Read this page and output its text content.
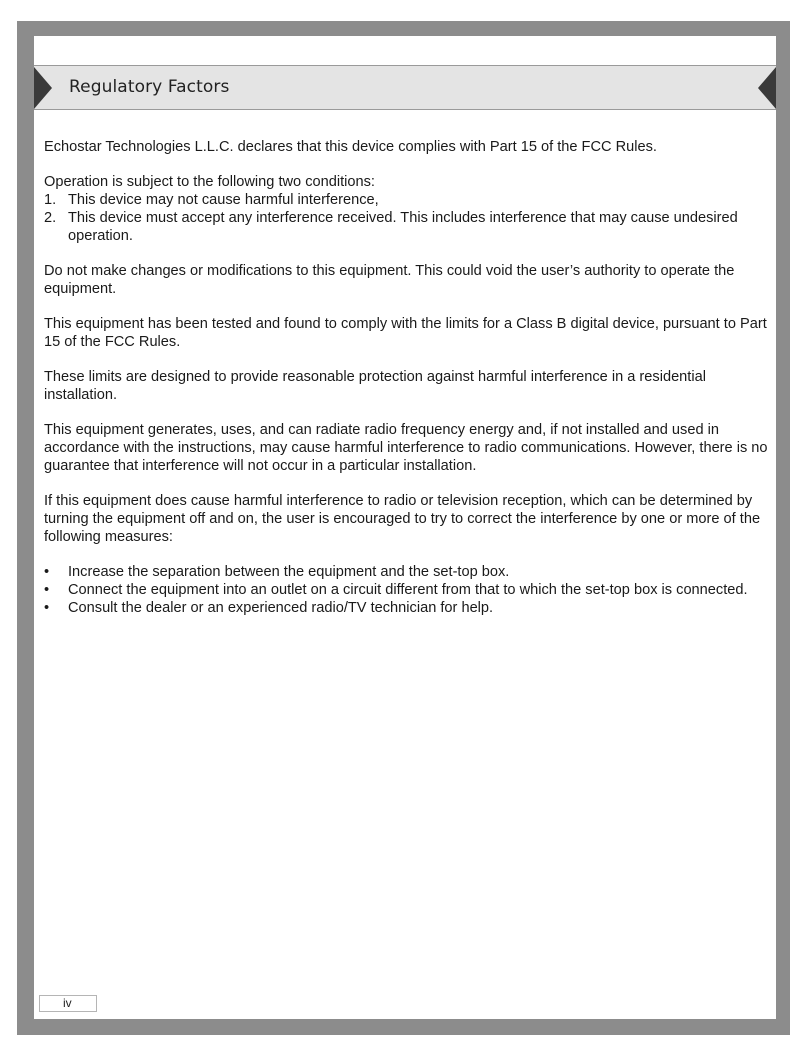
Regulatory Factors

Echostar Technologies L.L.C. declares that this device complies with Part 15 of the FCC Rules.

Operation is subject to the following two conditions:
1. This device may not cause harmful interference,
2. This device must accept any interference received. This includes interference that may cause undesired operation.

Do not make changes or modifications to this equipment. This could void the user’s authority to operate the equipment.

This equipment has been tested and found to comply with the limits for a Class B digital device, pursuant to Part 15 of the FCC Rules.

These limits are designed to provide reasonable protection against harmful interference in a residential installation.

This equipment generates, uses, and can radiate radio frequency energy and, if not installed and used in accordance with the instructions, may cause harmful interference to radio communications. However, there is no guarantee that interference will not occur in a particular installation.

If this equipment does cause harmful interference to radio or television reception, which can be determined by turning the equipment off and on, the user is encouraged to try to correct the interference by one or more of the following measures:

• Increase the separation between the equipment and the set-top box.
• Connect the equipment into an outlet on a circuit different from that to which the set-top box is connected.
• Consult the dealer or an experienced radio/TV technician for help.
iv
